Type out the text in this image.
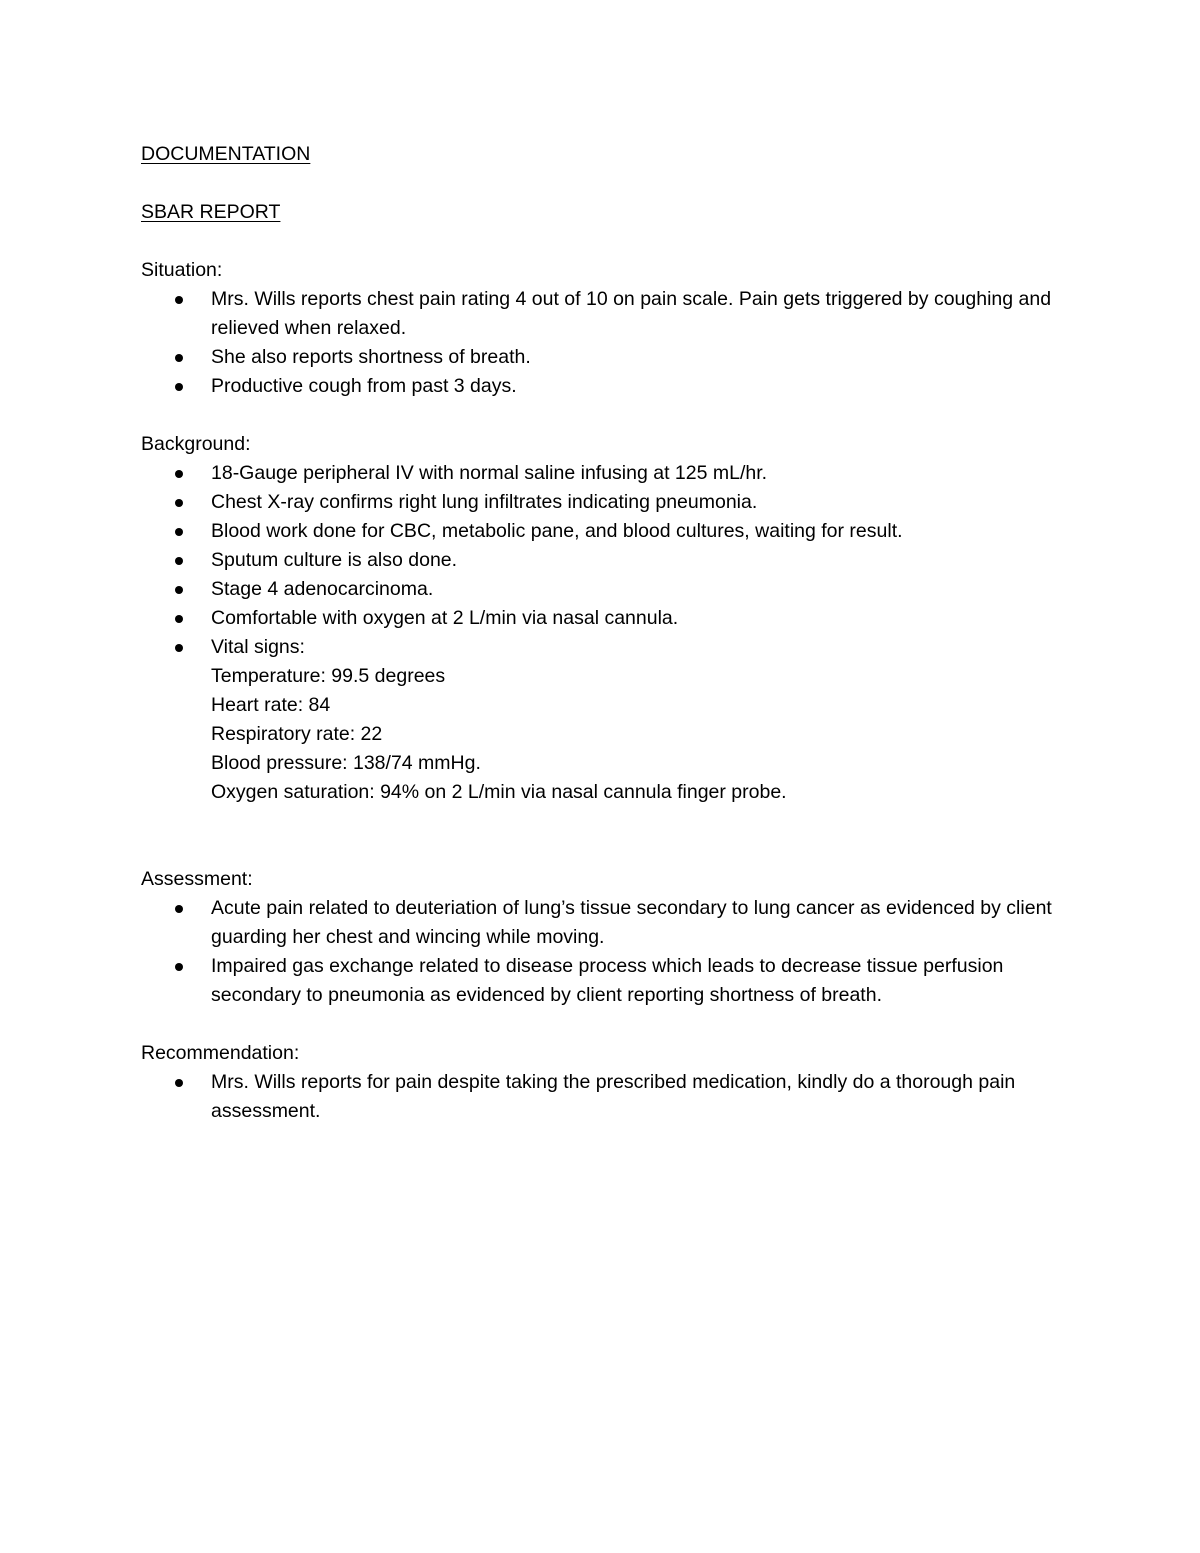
DOCUMENTATION
SBAR REPORT
Situation:
Mrs. Wills reports chest pain rating 4 out of 10 on pain scale. Pain gets triggered by coughing and relieved when relaxed.
She also reports shortness of breath.
Productive cough from past 3 days.
Background:
18-Gauge peripheral IV with normal saline infusing at 125 mL/hr.
Chest X-ray confirms right lung infiltrates indicating pneumonia.
Blood work done for CBC, metabolic pane, and blood cultures, waiting for result.
Sputum culture is also done.
Stage 4 adenocarcinoma.
Comfortable with oxygen at 2 L/min via nasal cannula.
Vital signs:
Temperature: 99.5 degrees
Heart rate: 84
Respiratory rate: 22
Blood pressure: 138/74 mmHg.
Oxygen saturation: 94% on 2 L/min via nasal cannula finger probe.
Assessment:
Acute pain related to deuteriation of lung’s tissue secondary to lung cancer as evidenced by client guarding her chest and wincing while moving.
Impaired gas exchange related to disease process which leads to decrease tissue perfusion secondary to pneumonia as evidenced by client reporting shortness of breath.
Recommendation:
Mrs. Wills reports for pain despite taking the prescribed medication, kindly do a thorough pain assessment.
